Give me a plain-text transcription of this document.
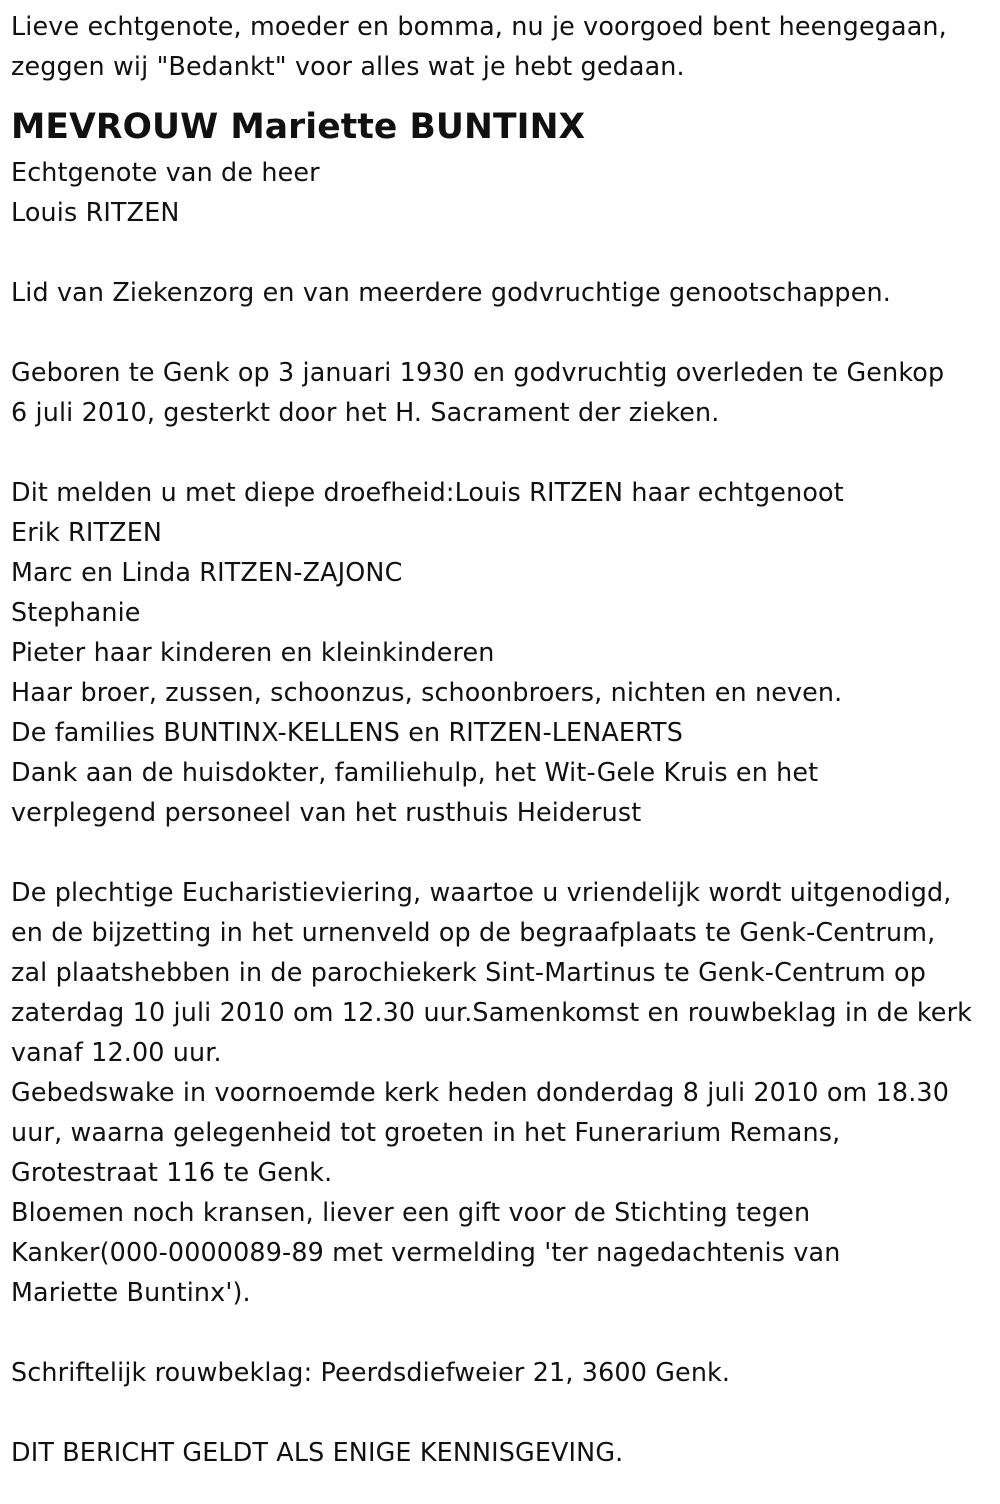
Lieve echtgenote, moeder en bomma, nu je voorgoed bent heengegaan,
zeggen wij "Bedankt" voor alles wat je hebt gedaan.
MEVROUW Mariette BUNTINX
Echtgenote van de heer
Louis RITZEN
Lid van Ziekenzorg en van meerdere godvruchtige genootschappen.
Geboren te Genk op 3 januari 1930 en godvruchtig overleden te Genkop
6 juli 2010, gesterkt door het H. Sacrament der zieken.
Dit melden u met diepe droefheid:Louis RITZEN haar echtgenoot
Erik RITZEN
Marc en Linda RITZEN-ZAJONC
Stephanie
Pieter haar kinderen en kleinkinderen
Haar broer, zussen, schoonzus, schoonbroers, nichten en neven.
De families BUNTINX-KELLENS en RITZEN-LENAERTS
Dank aan de huisdokter, familiehulp, het Wit-Gele Kruis en het
verplegend personeel van het rusthuis Heiderust
De plechtige Eucharistieviering, waartoe u vriendelijk wordt uitgenodigd,
en de bijzetting in het urnenveld op de begraafplaats te Genk-Centrum,
zal plaatshebben in de parochiekerk Sint-Martinus te Genk-Centrum op
zaterdag 10 juli 2010 om 12.30 uur.Samenkomst en rouwbeklag in de kerk
vanaf 12.00 uur.
Gebedswake in voornoemde kerk heden donderdag 8 juli 2010 om 18.30
uur, waarna gelegenheid tot groeten in het Funerarium Remans,
Grotestraat 116 te Genk.
Bloemen noch kransen, liever een gift voor de Stichting tegen
Kanker(000-0000089-89 met vermelding 'ter nagedachtenis van
Mariette Buntinx').
Schriftelijk rouwbeklag: Peerdsdiefweier 21, 3600 Genk.
DIT BERICHT GELDT ALS ENIGE KENNISGEVING.
